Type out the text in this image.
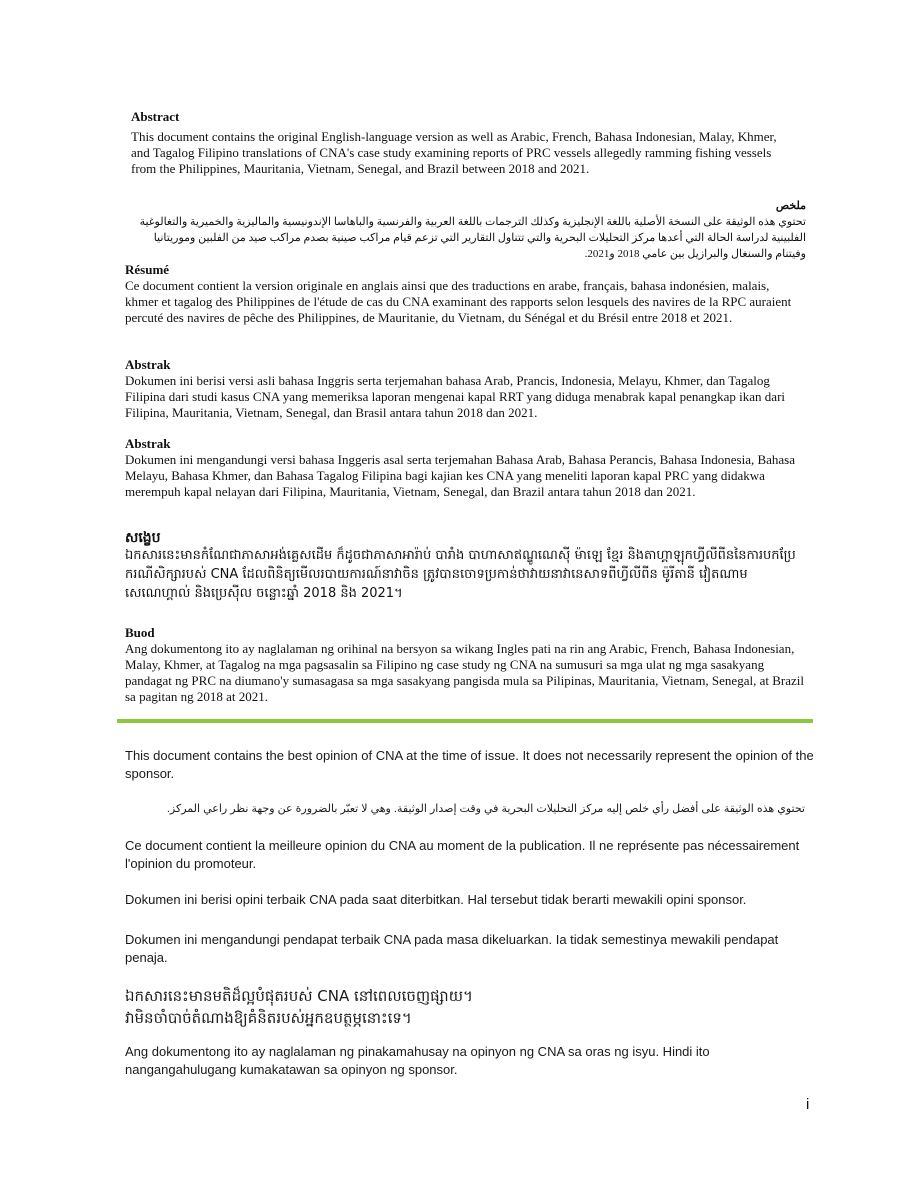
Abstract

This document contains the original English-language version as well as Arabic, French, Bahasa Indonesian, Malay, Khmer, and Tagalog Filipino translations of CNA's case study examining reports of PRC vessels allegedly ramming fishing vessels from the Philippines, Mauritania, Vietnam, Senegal, and Brazil between 2018 and 2021.

ملخص

تحتوي هذه الوثيقة على النسخة الأصلية باللغة الإنجليزية وكذلك الترجمات باللغة العربية والفرنسية والباهاسا الإندونيسية والماليزية والخميرية والتغالوغية الفلبينية لدراسة الحالة التي أعدها مركز التحليلات البحرية والتي تتناول التقارير التي تزعم قيام مراكب صينية بصدم مراكب صيد من الفلبين وموريتانيا وفيتنام والسنغال والبرازيل بين عامي 2018 و2021.

Résumé

Ce document contient la version originale en anglais ainsi que des traductions en arabe, français, bahasa indonésien, malais, khmer et tagalog des Philippines de l'étude de cas du CNA examinant des rapports selon lesquels des navires de la RPC auraient percuté des navires de pêche des Philippines, de Mauritanie, du Vietnam, du Sénégal et du Brésil entre 2018 et 2021.

Abstrak

Dokumen ini berisi versi asli bahasa Inggris serta terjemahan bahasa Arab, Prancis, Indonesia, Melayu, Khmer, dan Tagalog Filipina dari studi kasus CNA yang memeriksa laporan mengenai kapal RRT yang diduga menabrak kapal penangkap ikan dari Filipina, Mauritania, Vietnam, Senegal, dan Brasil antara tahun 2018 dan 2021.

Abstrak

Dokumen ini mengandungi versi bahasa Inggeris asal serta terjemahan Bahasa Arab, Bahasa Perancis, Bahasa Indonesia, Bahasa Melayu, Bahasa Khmer, dan Bahasa Tagalog Filipina bagi kajian kes CNA yang meneliti laporan kapal PRC yang didakwa merempuh kapal nelayan dari Filipina, Mauritania, Vietnam, Senegal, dan Brazil antara tahun 2018 dan 2021.

សង្ខេប

ឯកសារនេះមានកំណែជាភាសាអង់គ្លេសដើម ក៏ដូចជាភាសាអារ៉ាប់ បារាំង បាហាសាឥណ្ឌូណេស៊ី ម៉ាឡេ ខ្មែរ និងតាហ្គាឡុកហ្វីលីពីននៃការបកប្រែករណីសិក្សារបស់ CNA ដែលពិនិត្យមើលរបាយការណ៍នាវាចិន ត្រូវបានចោទប្រកាន់ថាវាយនាវានេសាទពីហ្វីលីពីន ម៉ូរីតានី វៀតណាម សេណេហ្គាល់ និងប្រេស៊ីល ចន្លោះឆ្នាំ 2018 និង 2021។

Buod

Ang dokumentong ito ay naglalaman ng orihinal na bersyon sa wikang Ingles pati na rin ang Arabic, French, Bahasa Indonesian, Malay, Khmer, at Tagalog na mga pagsasalin sa Filipino ng case study ng CNA na sumusuri sa mga ulat ng mga sasakyang pandagat ng PRC na diumano'y sumasagasa sa mga sasakyang pangisda mula sa Pilipinas, Mauritania, Vietnam, Senegal, at Brazil sa pagitan ng 2018 at 2021.

This document contains the best opinion of CNA at the time of issue. It does not necessarily represent the opinion of the sponsor.
تحتوي هذه الوثيقة على أفضل رأي خلص إليه مركز التحليلات البحرية في وقت إصدار الوثيقة. وهي لا تعبّر بالضرورة عن وجهة نظر راعي المركز.
Ce document contient la meilleure opinion du CNA au moment de la publication. Il ne représente pas nécessairement l'opinion du promoteur.
Dokumen ini berisi opini terbaik CNA pada saat diterbitkan. Hal tersebut tidak berarti mewakili opini sponsor.
Dokumen ini mengandungi pendapat terbaik CNA pada masa dikeluarkan. Ia tidak semestinya mewakili pendapat penaja.
ឯកសារនេះមានមតិដ៏ល្អបំផុតរបស់ CNA នៅពេលចេញផ្សាយ។
វាមិនចាំបាច់តំណាងឱ្យគំនិតរបស់អ្នកឧបត្ថម្ភនោះទេ។
Ang dokumentong ito ay naglalaman ng pinakamahusay na opinyon ng CNA sa oras ng isyu. Hindi ito nangangahulugang kumakatawan sa opinyon ng sponsor.
i
